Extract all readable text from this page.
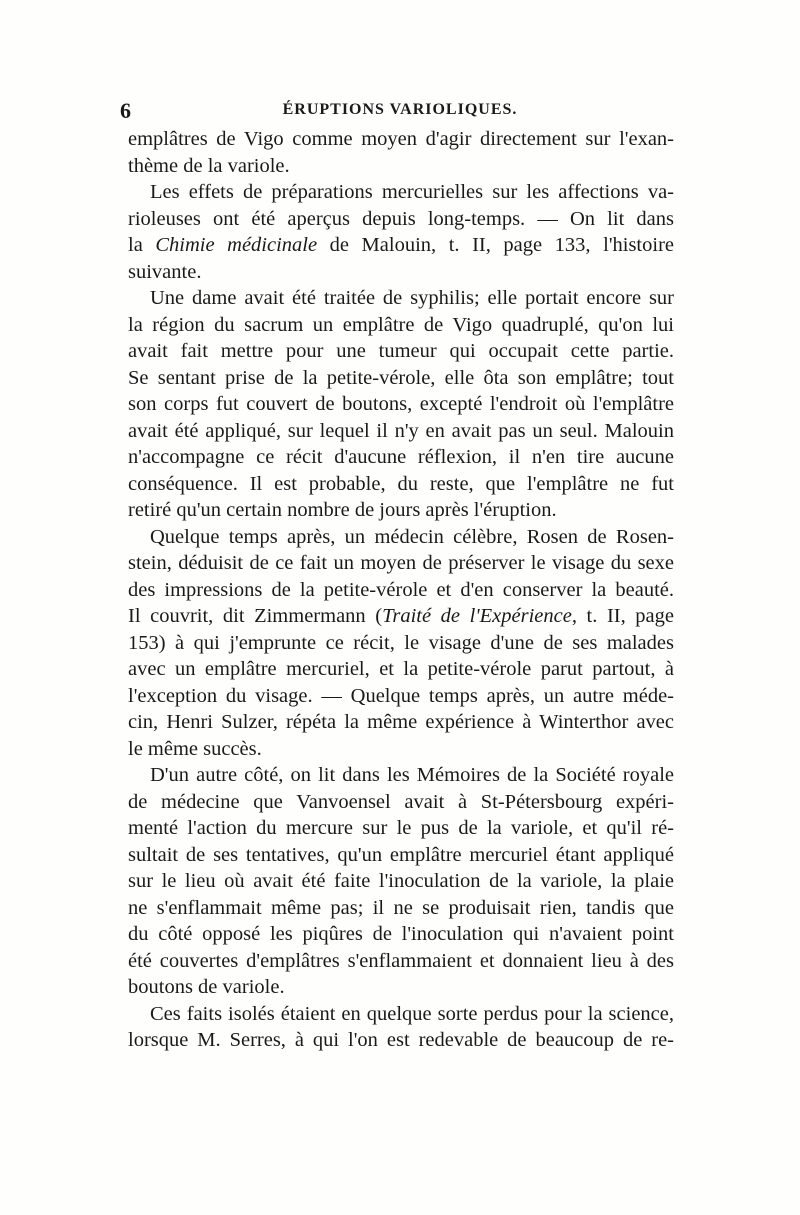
6	ÉRUPTIONS VARIOLIQUES.

emplâtres de Vigo comme moyen d'agir directement sur l'exan-
thème de la variole.

Les effets de préparations mercurielles sur les affections va-
rioleuses ont été aperçus depuis long-temps. — On lit dans
la Chimie médicinale de Malouin, t. II, page 133, l'histoire
suivante.

Une dame avait été traitée de syphilis; elle portait encore sur
la région du sacrum un emplâtre de Vigo quadruplé, qu'on lui
avait fait mettre pour une tumeur qui occupait cette partie.
Se sentant prise de la petite-vérole, elle ôta son emplâtre; tout
son corps fut couvert de boutons, excepté l'endroit où l'emplâtre
avait été appliqué, sur lequel il n'y en avait pas un seul. Malouin
n'accompagne ce récit d'aucune réflexion, il n'en tire aucune
conséquence. Il est probable, du reste, que l'emplâtre ne fut
retiré qu'un certain nombre de jours après l'éruption.

Quelque temps après, un médecin célèbre, Rosen de Rosen-
stein, déduisit de ce fait un moyen de préserver le visage du sexe
des impressions de la petite-vérole et d'en conserver la beauté.
Il couvrit, dit Zimmermann (Traité de l'Expérience, t. II, page
153) à qui j'emprunte ce récit, le visage d'une de ses malades
avec un emplâtre mercuriel, et la petite-vérole parut partout, à
l'exception du visage. — Quelque temps après, un autre méde-
cin, Henri Sulzer, répéta la même expérience à Winterthor avec
le même succès.

D'un autre côté, on lit dans les Mémoires de la Société royale
de médecine que Vanvoensel avait à St-Pétersbourg expéri-
menté l'action du mercure sur le pus de la variole, et qu'il ré-
sultait de ses tentatives, qu'un emplâtre mercuriel étant appliqué
sur le lieu où avait été faite l'inoculation de la variole, la plaie
ne s'enflammait même pas; il ne se produisait rien, tandis que
du côté opposé les piqûres de l'inoculation qui n'avaient point
été couvertes d'emplâtres s'enflammaient et donnaient lieu à des
boutons de variole.

Ces faits isolés étaient en quelque sorte perdus pour la science,
lorsque M. Serres, à qui l'on est redevable de beaucoup de re-
